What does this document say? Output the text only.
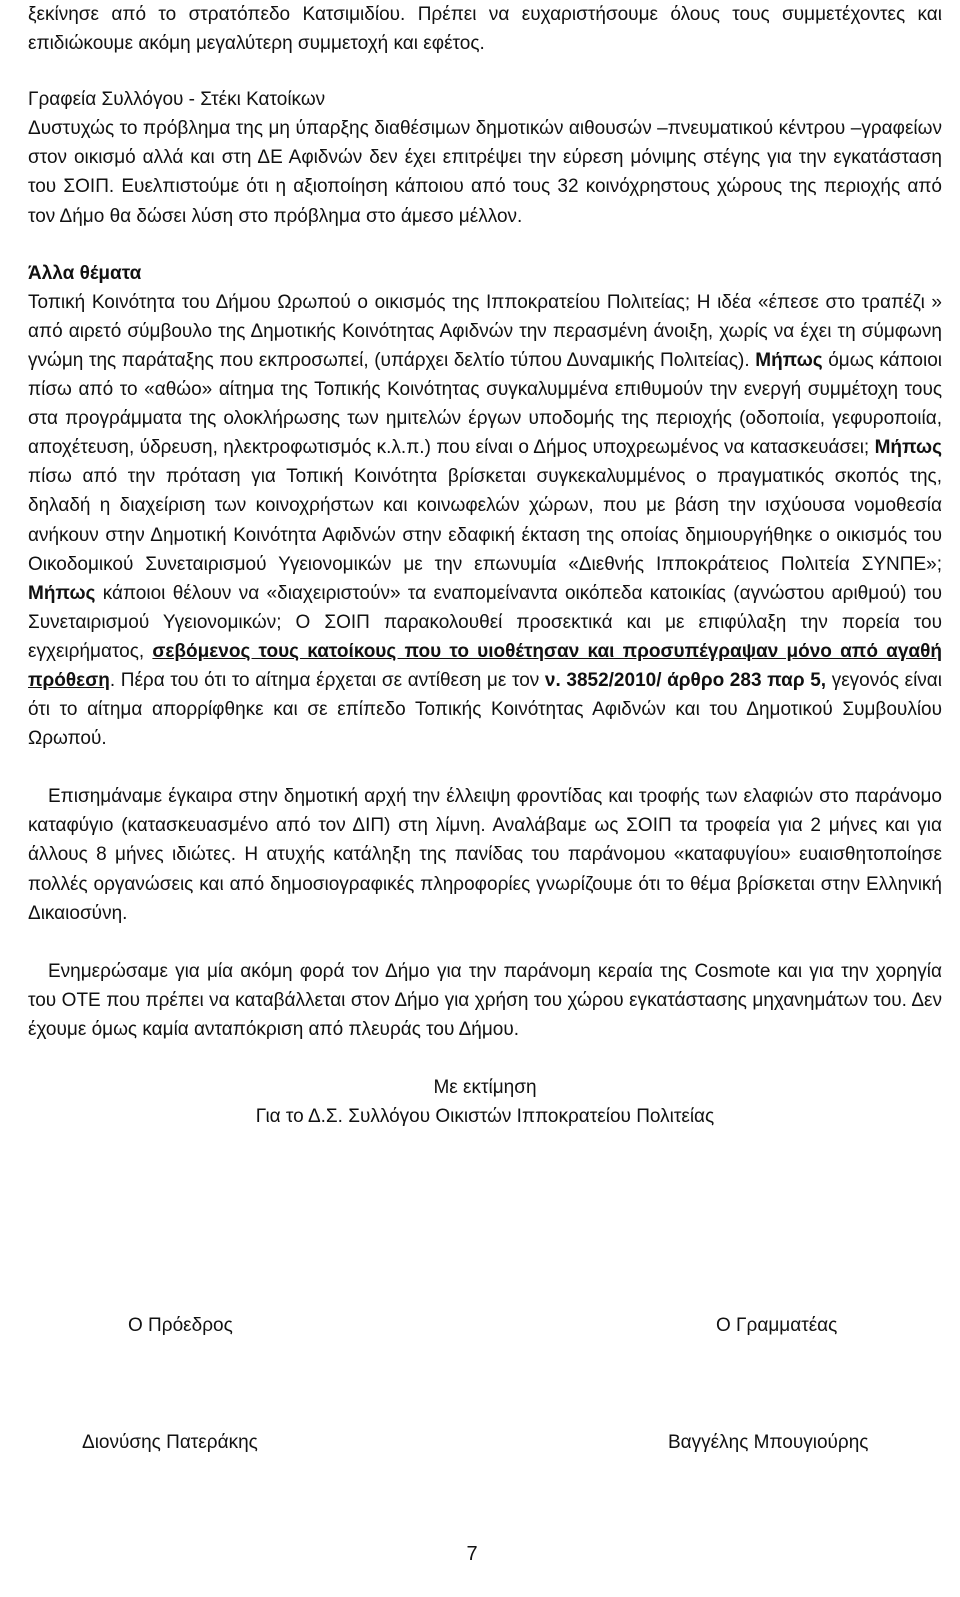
ξεκίνησε από το στρατόπεδο Κατσιμιδίου. Πρέπει να ευχαριστήσουμε όλους τους συμμετέχοντες και επιδιώκουμε ακόμη μεγαλύτερη συμμετοχή και εφέτος.

Γραφεία Συλλόγου - Στέκι Κατοίκων

Δυστυχώς το πρόβλημα της μη ύπαρξης διαθέσιμων δημοτικών αιθουσών –πνευματικού κέντρου –γραφείων στον οικισμό αλλά και στη ΔΕ Αφιδνών δεν έχει επιτρέψει την εύρεση μόνιμης στέγης για την εγκατάσταση του ΣΟΙΠ. Ευελπιστούμε ότι η αξιοποίηση κάποιου από τους 32 κοινόχρηστους χώρους της περιοχής από τον Δήμο θα δώσει λύση στο πρόβλημα στο άμεσο μέλλον.

Άλλα θέματα

Τοπική Κοινότητα του Δήμου Ωρωπού ο οικισμός της Ιπποκρατείου Πολιτείας; Η ιδέα «έπεσε στο τραπέζι » από αιρετό σύμβουλο της Δημοτικής Κοινότητας Αφιδνών την περασμένη άνοιξη, χωρίς να έχει τη σύμφωνη γνώμη της παράταξης που εκπροσωπεί, (υπάρχει δελτίο τύπου Δυναμικής Πολιτείας). Μήπως όμως κάποιοι πίσω από το «αθώο» αίτημα της Τοπικής Κοινότητας συγκαλυμμένα επιθυμούν την ενεργή συμμέτοχη τους στα προγράμματα της ολοκλήρωσης των ημιτελών έργων υποδομής της περιοχής (οδοποιία, γεφυροποιία, αποχέτευση, ύδρευση, ηλεκτροφωτισμός κ.λ.π.) που είναι ο Δήμος υποχρεωμένος να κατασκευάσει; Μήπως πίσω από την πρόταση για Τοπική Κοινότητα βρίσκεται συγκεκαλυμμένος ο πραγματικός σκοπός της, δηλαδή η διαχείριση των κοινοχρήστων και κοινωφελών χώρων, που με βάση την ισχύουσα νομοθεσία ανήκουν στην Δημοτική Κοινότητα Αφιδνών στην εδαφική έκταση της οποίας δημιουργήθηκε ο οικισμός του Οικοδομικού Συνεταιρισμού Υγειονομικών με την επωνυμία «Διεθνής Ιπποκράτειος Πολιτεία ΣΥΝΠΕ»; Μήπως κάποιοι θέλουν να «διαχειριστούν» τα εναπομείναντα οικόπεδα κατοικίας (αγνώστου αριθμού) του Συνεταιρισμού Υγειονομικών; Ο ΣΟΙΠ παρακολουθεί προσεκτικά και με επιφύλαξη την πορεία του εγχειρήματος, σεβόμενος τους κατοίκους που το υιοθέτησαν και προσυπέγραψαν μόνο από αγαθή πρόθεση. Πέρα του ότι το αίτημα έρχεται σε αντίθεση με τον ν. 3852/2010/ άρθρο 283 παρ 5, γεγονός είναι ότι το αίτημα απορρίφθηκε και σε επίπεδο Τοπικής Κοινότητας Αφιδνών και του Δημοτικού Συμβουλίου Ωρωπού.

Επισημάναμε έγκαιρα στην δημοτική αρχή την έλλειψη φροντίδας και τροφής των ελαφιών στο παράνομο καταφύγιο (κατασκευασμένο από τον ΔΙΠ) στη λίμνη. Αναλάβαμε ως ΣΟΙΠ τα τροφεία για 2 μήνες και για άλλους 8 μήνες ιδιώτες. Η ατυχής κατάληξη της πανίδας του παράνομου «καταφυγίου» ευαισθητοποίησε πολλές οργανώσεις και από δημοσιογραφικές πληροφορίες γνωρίζουμε ότι το θέμα βρίσκεται στην Ελληνική Δικαιοσύνη.

Ενημερώσαμε για μία ακόμη φορά τον Δήμο για την παράνομη κεραία της Cosmote και για την χορηγία του ΟΤΕ που πρέπει να καταβάλλεται στον Δήμο για χρήση του χώρου εγκατάστασης μηχανημάτων του. Δεν έχουμε όμως καμία ανταπόκριση από πλευράς του Δήμου.

Με εκτίμηση

Για το Δ.Σ. Συλλόγου Οικιστών Ιπποκρατείου Πολιτείας

Ο Πρόεδρος	Ο Γραμματέας
Διονύσης Πατεράκης	Βαγγέλης Μπουγιούρης
7
